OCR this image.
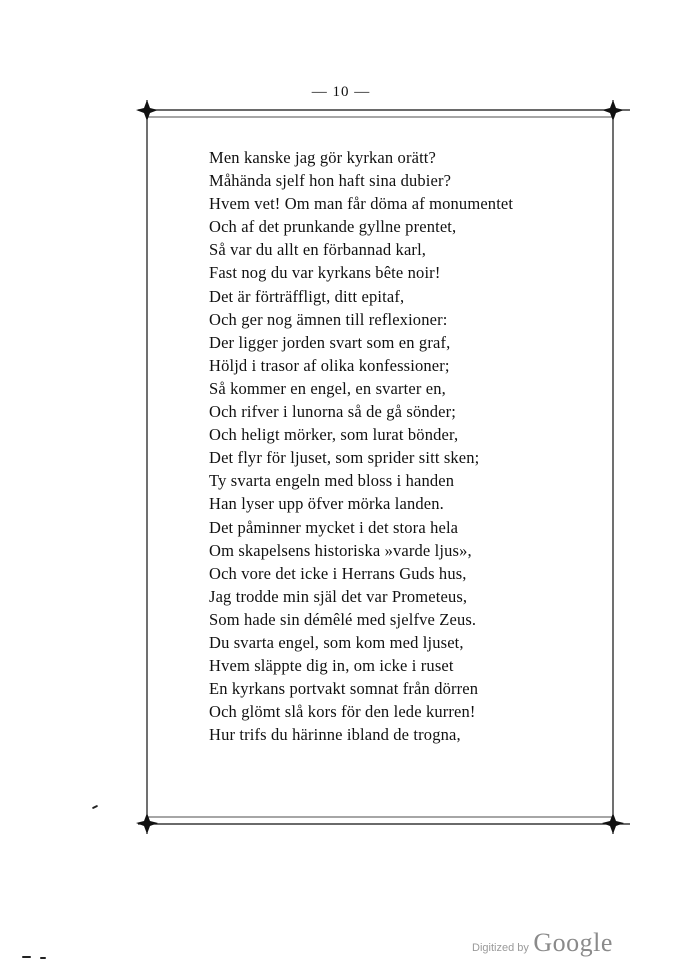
— 10 —
Men kanske jag gör kyrkan orätt?
Måhända sjelf hon haft sina dubier?
Hvem vet! Om man får döma af monumentet
Och af det prunkande gyllne prentet,
Så var du allt en förbannad karl,
Fast nog du var kyrkans bête noir!
Det är förträffligt, ditt epitaf,
Och ger nog ämnen till reflexioner:
Der ligger jorden svart som en graf,
Höljd i trasor af olika konfessioner;
Så kommer en engel, en svarter en,
Och rifver i lunorna så de gå sönder;
Och heligt mörker, som lurat bönder,
Det flyr för ljuset, som sprider sitt sken;
Ty svarta engeln med bloss i handen
Han lyser upp öfver mörka landen.
Det påminner mycket i det stora hela
Om skapelsens historiska »varde ljus»,
Och vore det icke i Herrans Guds hus,
Jag trodde min själ det var Prometeus,
Som hade sin démêlé med sjelfve Zeus.
Du svarta engel, som kom med ljuset,
Hvem släppte dig in, om icke i ruset
En kyrkans portvakt somnat från dörren
Och glömt slå kors för den lede kurren!
Hur trifs du härinne ibland de trogna,
Digitized by Google
